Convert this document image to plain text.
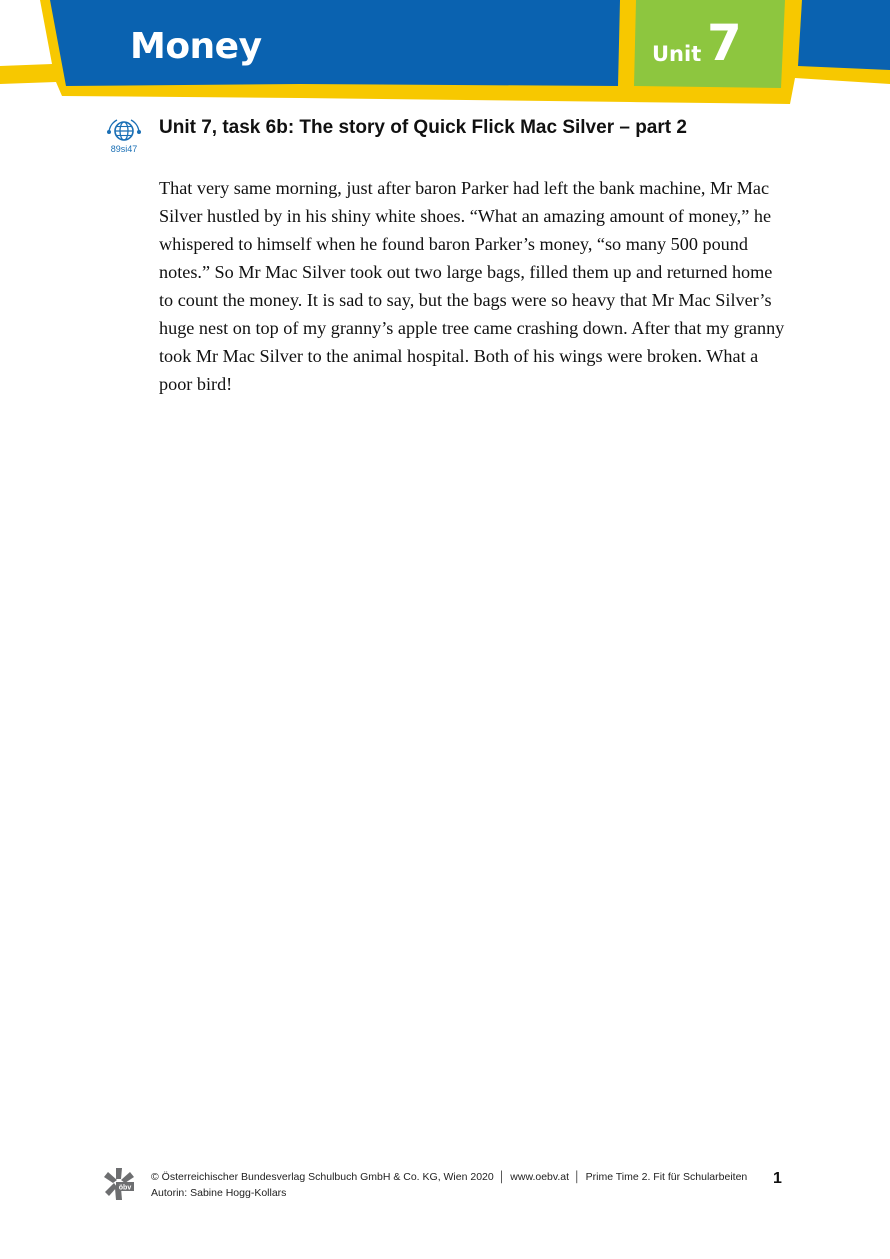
Money	Unit 7
89si47
Unit 7, task 6b: The story of Quick Flick Mac Silver – part 2

That very same morning, just after baron Parker had left the bank machine, Mr Mac Silver hustled by in his shiny white shoes. “What an amazing amount of money,” he whispered to himself when he found baron Parker’s money, “so many 500 pound notes.” So Mr Mac Silver took out two large bags, filled them up and returned home to count the money. It is sad to say, but the bags were so heavy that Mr Mac Silver’s huge nest on top of my granny’s apple tree came crashing down. After that my granny took Mr Mac Silver to the animal hospital. Both of his wings were broken. What a poor bird!

öbv
© Österreichischer Bundesverlag Schulbuch GmbH & Co. KG, Wien 2020 │ www.oebv.at │ Prime Time 2. Fit für Schularbeiten
Autorin: Sabine Hogg-Kollars
1
